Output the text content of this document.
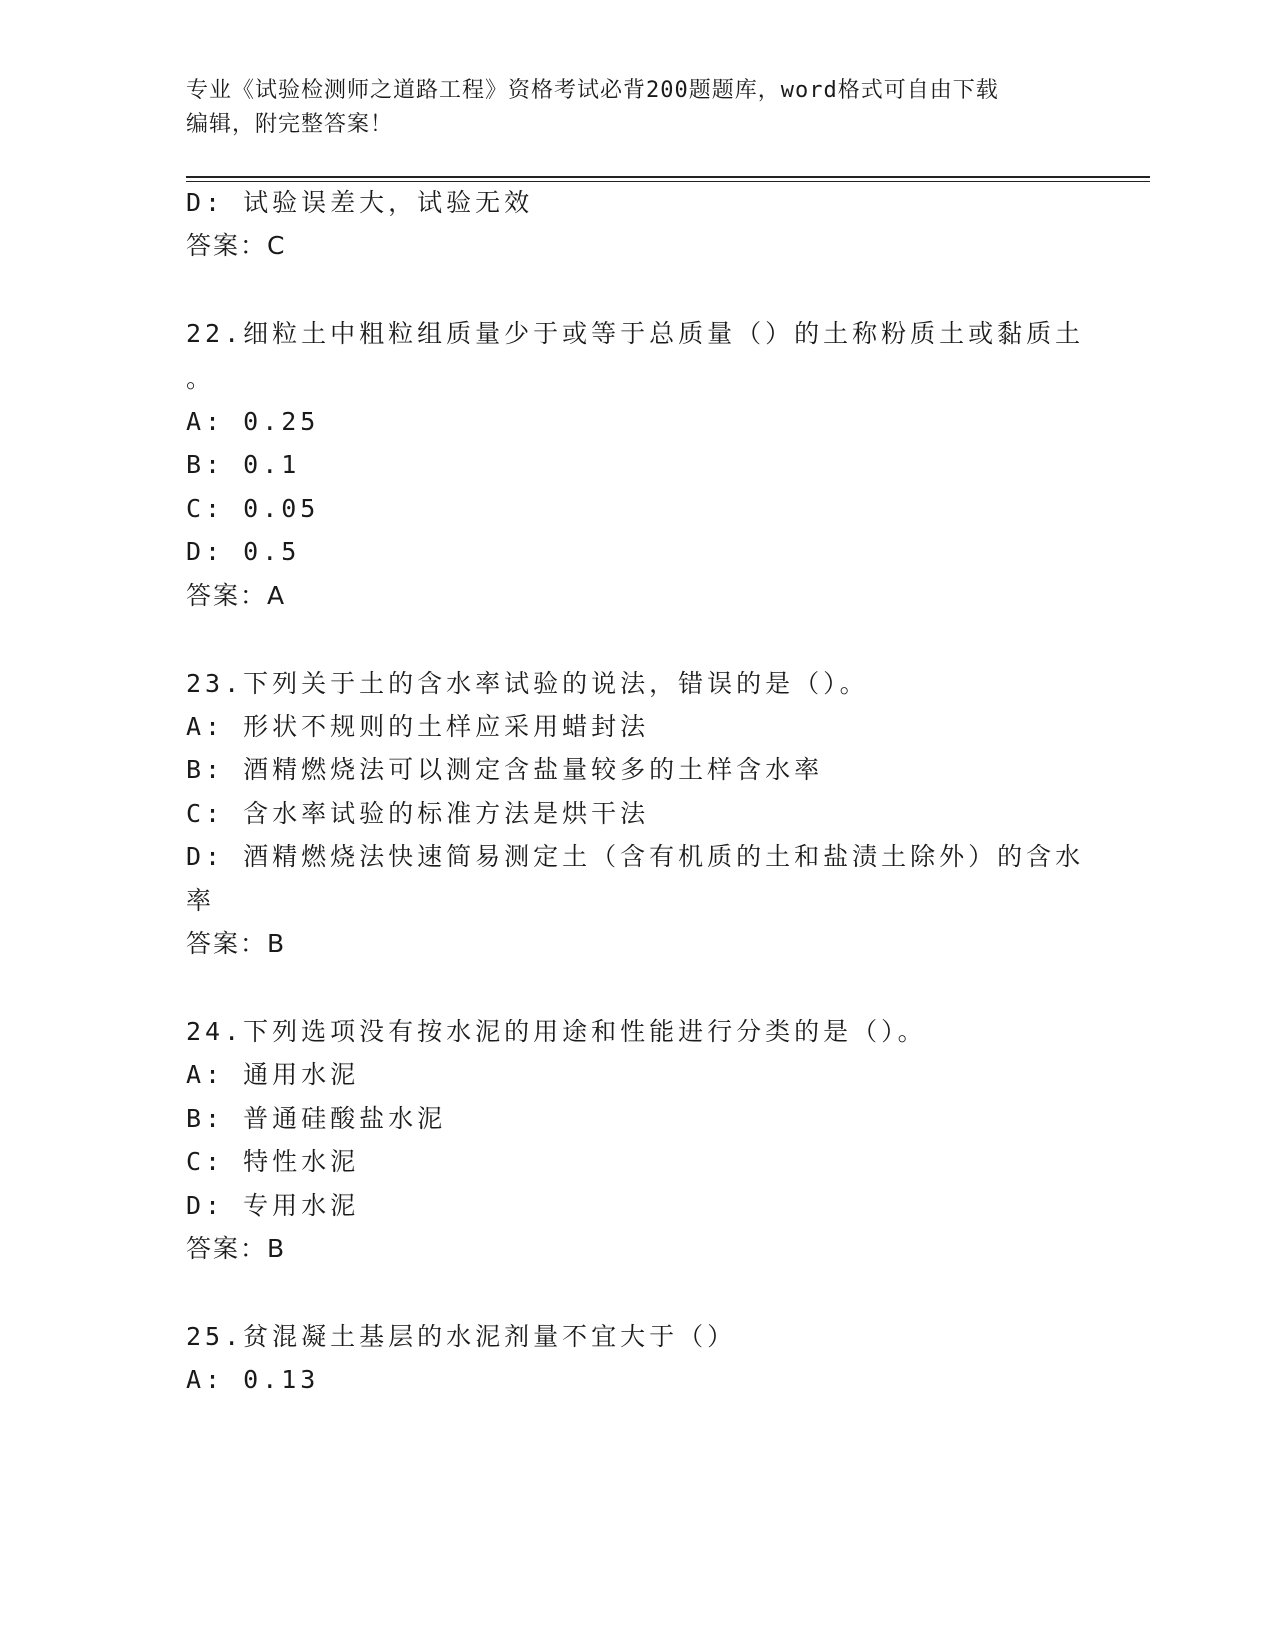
专业《试验检测师之道路工程》资格考试必背200题题库，word格式可自由下载
编辑，附完整答案！
D: 试验误差大，试验无效
答案：C
22.细粒土中粗粒组质量少于或等于总质量（）的土称粉质土或黏质土
。
A: 0.25
B: 0.1
C: 0.05
D: 0.5
答案：A
23.下列关于土的含水率试验的说法，错误的是（）。
A: 形状不规则的土样应采用蜡封法
B: 酒精燃烧法可以测定含盐量较多的土样含水率
C: 含水率试验的标准方法是烘干法
D: 酒精燃烧法快速简易测定土（含有机质的土和盐渍土除外）的含水
率
答案：B
24.下列选项没有按水泥的用途和性能进行分类的是（）。
A: 通用水泥
B: 普通硅酸盐水泥
C: 特性水泥
D: 专用水泥
答案：B
25.贫混凝土基层的水泥剂量不宜大于（）
A: 0.13
